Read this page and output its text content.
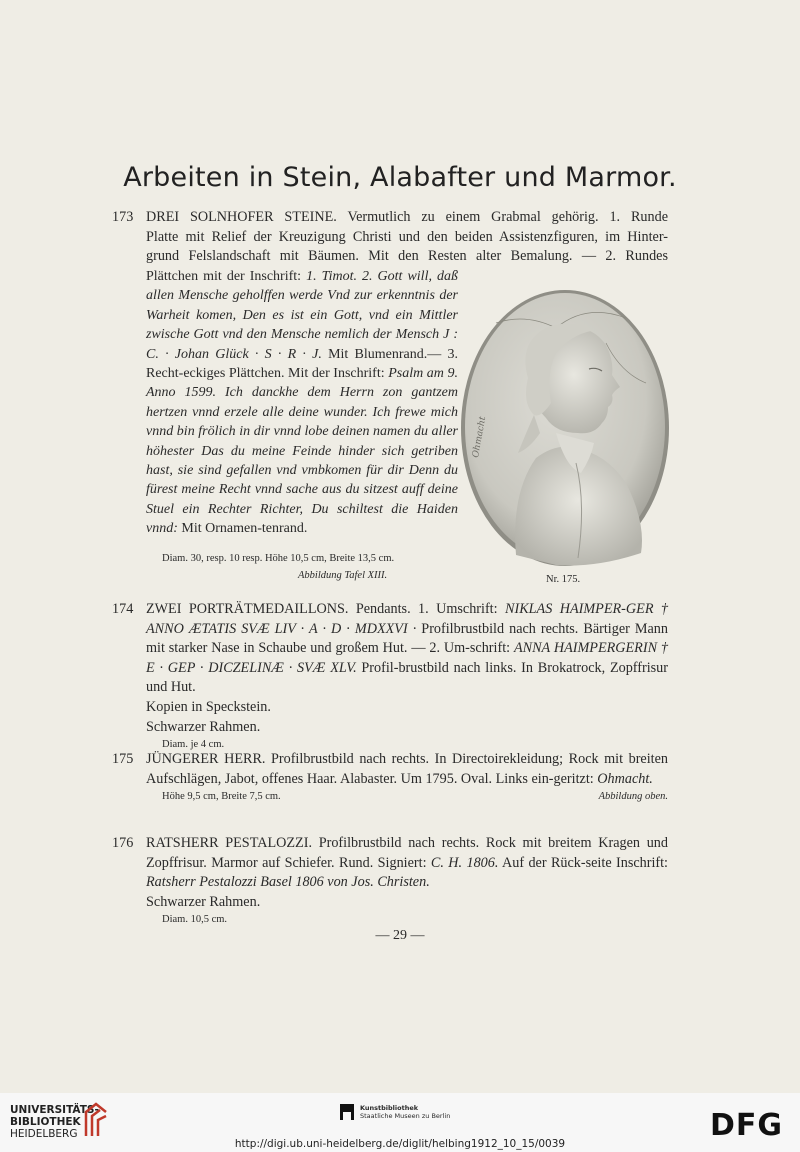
Arbeiten in Stein, Alabafter und Marmor.
173 DREI SOLNHOFER STEINE. Vermutlich zu einem Grabmal gehörig. 1. Runde
Platte mit Relief der Kreuzigung Christi und den beiden Assistenzfiguren, im Hinter-
grund Felslandschaft mit Bäumen. Mit den Resten alter Bemalung. — 2. Rundes
Plättchen mit der Inschrift: 1. Timot. 2. Gott will, daß allen Mensche geholffen werde Vnd zur erkenntnis der Warheit komen, Den es ist ein Gott, vnd ein Mittler zwische Gott vnd den Mensche nemlich der Mensch J : C. · Johan Glück · S · R · J. Mit Blumenrand.— 3. Recht-eckiges Plättchen. Mit der Inschrift: Psalm am 9. Anno 1599. Ich danckhe dem Herrn zon gantzem hertzen vnnd erzele alle deine wunder. Ich frewe mich vnnd bin frölich in dir vnnd lobe deinen namen du aller höhester Das du meine Feinde hinder sich getriben hast, sie sind gefallen vnd vmbkomen für dir Denn du fürest meine Recht vnnd sache aus du sitzest auff deine Stuel ein Rechter Richter, Du schiltest die Haiden vnnd: Mit Ornamen-tenrand.
Diam. 30, resp. 10 resp. Höhe 10,5 cm, Breite 13,5 cm.
Abbildung Tafel XIII.
Ohmacht
Nr. 175.
174 ZWEI PORTRÄTMEDAILLONS. Pendants. 1. Umschrift: NIKLAS HAIMPER-GER † ANNO ÆTATIS SVÆ LIV · A · D · MDXXVI · Profilbrustbild nach rechts. Bärtiger Mann mit starker Nase in Schaube und großem Hut. — 2. Um-schrift: ANNA HAIMPERGERIN † E · GEP · DICZELINÆ · SVÆ XLV. Profil-brustbild nach links. In Brokatrock, Zopffrisur und Hut.
Kopien in Speckstein.
Schwarzer Rahmen.
Diam. je 4 cm.
175 JÜNGERER HERR. Profilbrustbild nach rechts. In Directoirekleidung; Rock mit breiten Aufschlägen, Jabot, offenes Haar. Alabaster. Um 1795. Oval. Links ein-geritzt: Ohmacht.
Höhe 9,5 cm, Breite 7,5 cm.	Abbildung oben.
176 RATSHERR PESTALOZZI. Profilbrustbild nach rechts. Rock mit breitem Kragen und Zopffrisur. Marmor auf Schiefer. Rund. Signiert: C. H. 1806. Auf der Rück-seite Inschrift: Ratsherr Pestalozzi Basel 1806 von Jos. Christen.
Schwarzer Rahmen.
Diam. 10,5 cm.
— 29 —
UNIVERSITÄTS-
BIBLIOTHEK
HEIDELBERG
Kunstbibliothek
Staatliche Museen zu Berlin	DFG
http://digi.ub.uni-heidelberg.de/diglit/helbing1912_10_15/0039
